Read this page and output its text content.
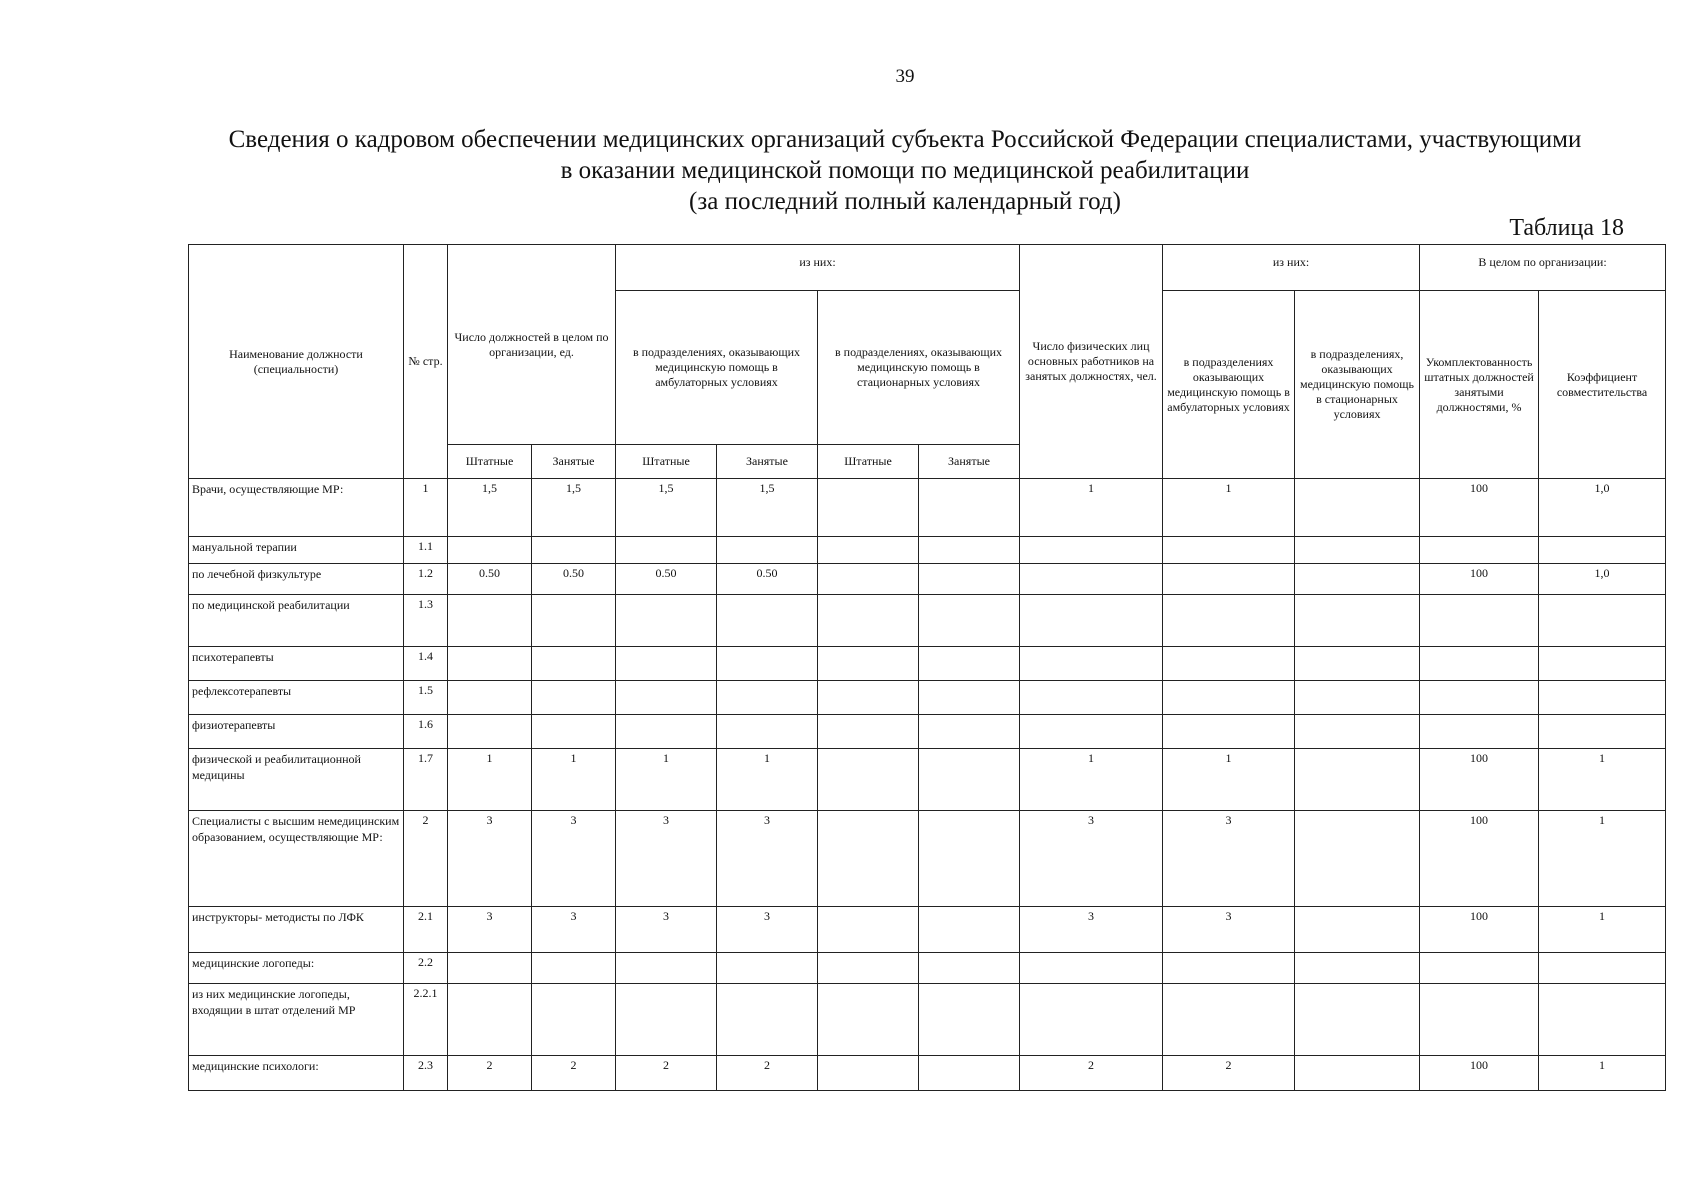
39
Сведения о кадровом обеспечении медицинских организаций субъекта Российской Федерации специалистами, участвующими
в оказании медицинской помощи по медицинской реабилитации
(за последний полный календарный год)
Таблица 18
Наименование должности (специальности)	№ стр.	Число должностей в целом по организации, ед.		из них:				Число физических лиц основных работников на занятых должностях, чел.	из них:		В целом по организации:	
				в подразделениях, оказывающих медицинскую помощь в амбулаторных условиях		в подразделениях, оказывающих медицинскую помощь в стационарных условиях			в подразделениях оказывающих медицинскую помощь в амбулаторных условиях	в подразделениях, оказывающих медицинскую помощь в стационарных условиях	Укомплектованность штатных должностей занятыми должностями, %	Коэффициент совместительства
		Штатные	Занятые	Штатные	Занятые	Штатные	Занятые					
Врачи, осуществляющие МР:	1	1,5	1,5	1,5	1,5			1	1		100	1,0
мануальной терапии	1.1											
по лечебной физкультуре	1.2	0.50	0.50	0.50	0.50						100	1,0
по медицинской реабилитации	1.3											
психотерапевты	1.4											
рефлексотерапевты	1.5											
физиотерапевты	1.6											
физической и реабилитационной медицины	1.7	1	1	1	1			1	1		100	1
Специалисты с высшим немедицинским образованием, осуществляющие МР:	2	3	3	3	3			3	3		100	1
инструкторы- методисты по ЛФК	2.1	3	3	3	3			3	3		100	1
медицинские логопеды:	2.2											
из них медицинские логопеды, входящии в штат отделений МР	2.2.1											
медицинские психологи:	2.3	2	2	2	2			2	2		100	1
